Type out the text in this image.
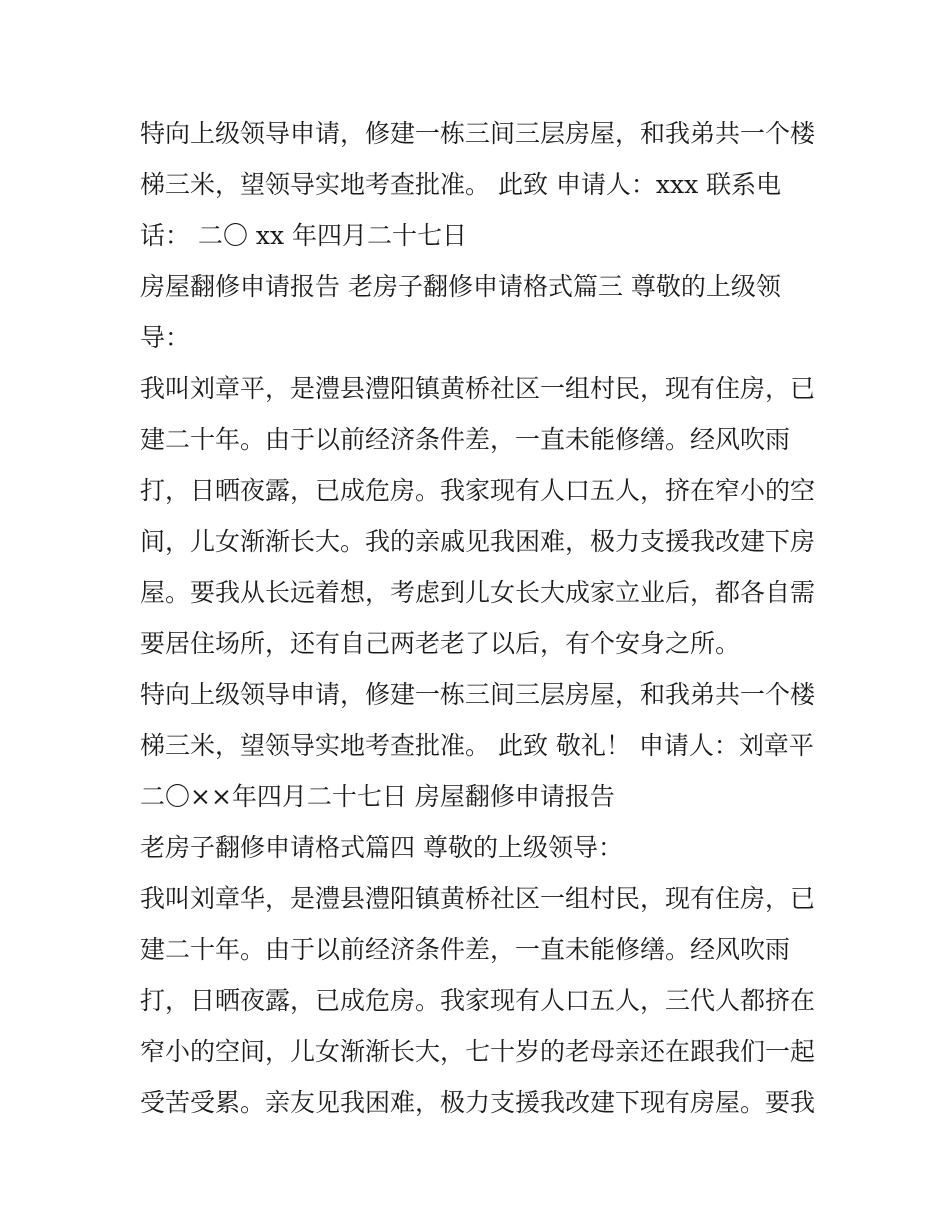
特向上级领导申请，修建一栋三间三层房屋，和我弟共一个楼
梯三米，望领导实地考查批准。 此致 申请人：xxx 联系电
话： 二〇 xx 年四月二十七日
房屋翻修申请报告 老房子翻修申请格式篇三 尊敬的上级领
导：
我叫刘章平，是澧县澧阳镇黄桥社区一组村民，现有住房，已
建二十年。由于以前经济条件差，一直未能修缮。经风吹雨
打，日晒夜露，已成危房。我家现有人口五人，挤在窄小的空
间，儿女渐渐长大。我的亲戚见我困难，极力支援我改建下房
屋。要我从长远着想，考虑到儿女长大成家立业后，都各自需
要居住场所，还有自己两老老了以后，有个安身之所。
特向上级领导申请，修建一栋三间三层房屋，和我弟共一个楼
梯三米，望领导实地考查批准。 此致 敬礼！ 申请人：刘章平
二〇××年四月二十七日 房屋翻修申请报告
老房子翻修申请格式篇四 尊敬的上级领导：
我叫刘章华，是澧县澧阳镇黄桥社区一组村民，现有住房，已
建二十年。由于以前经济条件差，一直未能修缮。经风吹雨
打，日晒夜露，已成危房。我家现有人口五人，三代人都挤在
窄小的空间，儿女渐渐长大，七十岁的老母亲还在跟我们一起
受苦受累。亲友见我困难，极力支援我改建下现有房屋。要我
